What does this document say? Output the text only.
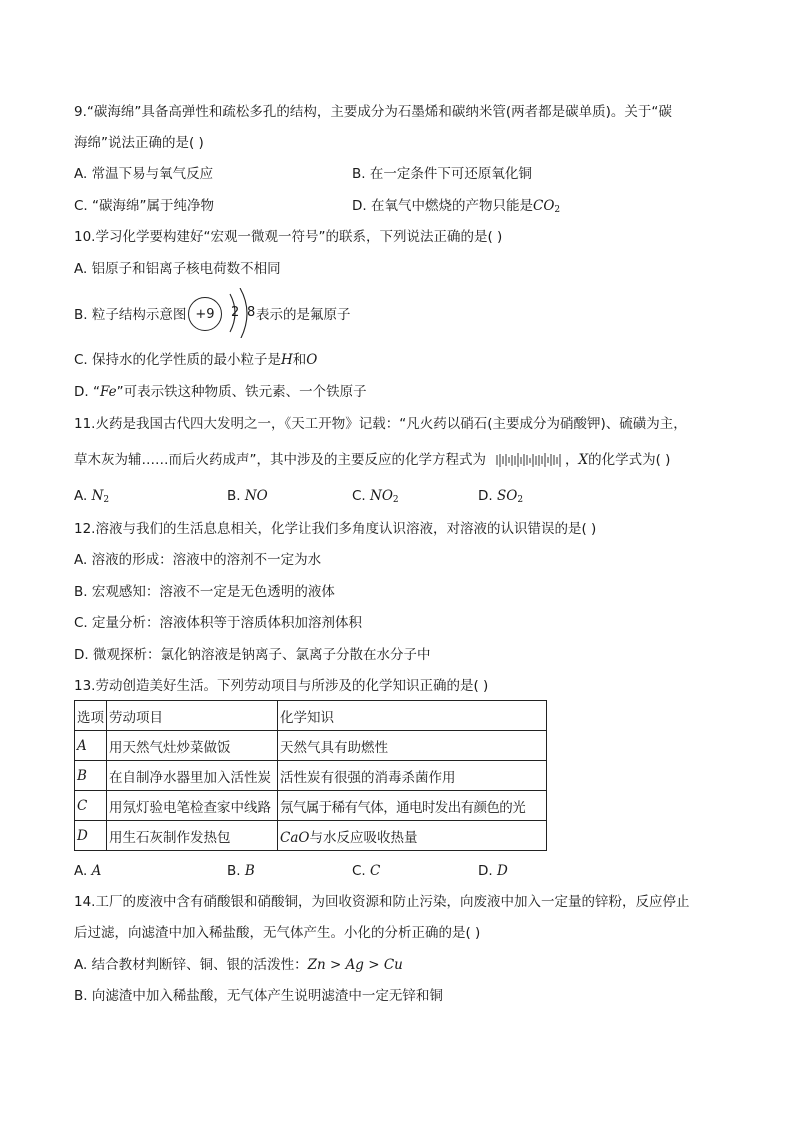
9.“碳海绵”具备高弹性和疏松多孔的结构，主要成分为石墨烯和碳纳米管(两者都是碳单质)。关于“碳
海绵”说法正确的是( )
A. 常温下易与氧气反应	B. 在一定条件下可还原氧化铜
C. “碳海绵”属于纯净物	D. 在氧气中燃烧的产物只能是$CO_2$
10.学习化学要构建好“宏观一微观一符号”的联系，下列说法正确的是( )
A. 铝原子和铝离子核电荷数不相同
B. 粒子结构示意图 +9	2 8 表示的是氟原子
C. 保持水的化学性质的最小粒子是H和O
D. “Fe”可表示铁这种物质、铁元素、一个铁原子
11.火药是我国古代四大发明之一，《天工开物》记载：“凡火药以硝石(主要成分为硝酸钾)、硫磺为主，
草木灰为辅……而后火药成声”，其中涉及的主要反应的化学方程式为	，X的化学式为( )
A. $N_2$	B. NO	C. $NO_2$	D. $SO_2$
12.溶液与我们的生活息息相关，化学让我们多角度认识溶液，对溶液的认识错误的是( )
A. 溶液的形成：溶液中的溶剂不一定为水
B. 宏观感知：溶液不一定是无色透明的液体
C. 定量分析：溶液体积等于溶质体积加溶剂体积
D. 微观探析：氯化钠溶液是钠离子、氯离子分散在水分子中
13.劳动创造美好生活。下列劳动项目与所涉及的化学知识正确的是( )
选项	劳动项目	化学知识
A	用天然气灶炒菜做饭	天然气具有助燃性
B	在自制净水器里加入活性炭	活性炭有很强的消毒杀菌作用
C	用氖灯验电笔检查家中线路	氖气属于稀有气体，通电时发出有颜色的光
D	用生石灰制作发热包	CaO与水反应吸收热量
A. A	B. B	C. C	D. D
14.工厂的废液中含有硝酸银和硝酸铜，为回收资源和防止污染，向废液中加入一定量的锌粉，反应停止
后过滤，向滤渣中加入稀盐酸，无气体产生。小化的分析正确的是( )
A. 结合教材判断锌、铜、银的活泼性：Zn > Ag > Cu
B. 向滤渣中加入稀盐酸，无气体产生说明滤渣中一定无锌和铜
